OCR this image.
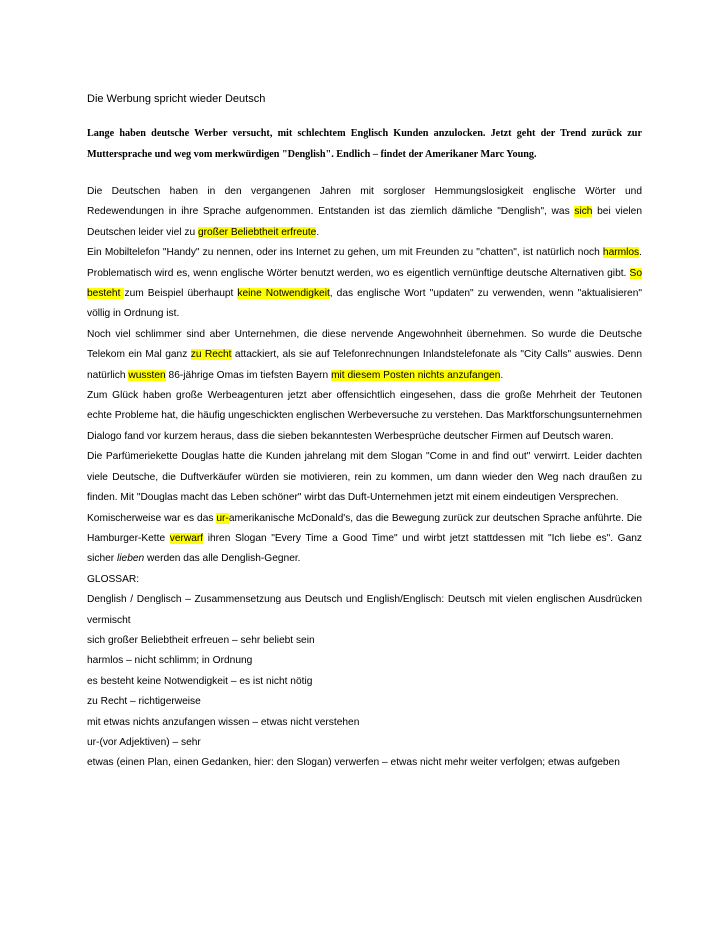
Die Werbung spricht wieder Deutsch
Lange haben deutsche Werber versucht, mit schlechtem Englisch Kunden anzulocken. Jetzt geht der Trend zurück zur Muttersprache und weg vom merkwürdigen "Denglish". Endlich – findet der Amerikaner Marc Young.

Die Deutschen haben in den vergangenen Jahren mit sorgloser Hemmungslosigkeit englische Wörter und Redewendungen in ihre Sprache aufgenommen. Entstanden ist das ziemlich dämliche "Denglish", was sich bei vielen Deutschen leider viel zu großer Beliebtheit erfreute.

Ein Mobiltelefon "Handy" zu nennen, oder ins Internet zu gehen, um mit Freunden zu "chatten", ist natürlich noch harmlos. Problematisch wird es, wenn englische Wörter benutzt werden, wo es eigentlich vernünftige deutsche Alternativen gibt. So besteht zum Beispiel überhaupt keine Notwendigkeit, das englische Wort "updaten" zu verwenden, wenn "aktualisieren" völlig in Ordnung ist.

Noch viel schlimmer sind aber Unternehmen, die diese nervende Angewohnheit übernehmen. So wurde die Deutsche Telekom ein Mal ganz zu Recht attackiert, als sie auf Telefonrechnungen Inlandstelefonate als "City Calls" auswies. Denn natürlich wussten 86-jährige Omas im tiefsten Bayern mit diesem Posten nichts anzufangen.

Zum Glück haben große Werbeagenturen jetzt aber offensichtlich eingesehen, dass die große Mehrheit der Teutonen echte Probleme hat, die häufig ungeschickten englischen Werbeversuche zu verstehen. Das Marktforschungsunternehmen Dialogo fand vor kurzem heraus, dass die sieben bekanntesten Werbesprüche deutscher Firmen auf Deutsch waren.

Die Parfümeriekette Douglas hatte die Kunden jahrelang mit dem Slogan "Come in and find out" verwirrt. Leider dachten viele Deutsche, die Duftverkäufer würden sie motivieren, rein zu kommen, um dann wieder den Weg nach draußen zu finden. Mit "Douglas macht das Leben schöner" wirbt das Duft-Unternehmen jetzt mit einem eindeutigen Versprechen.

Komischerweise war es das ur-amerikanische McDonald's, das die Bewegung zurück zur deutschen Sprache anführte. Die Hamburger-Kette verwarf ihren Slogan "Every Time a Good Time" und wirbt jetzt stattdessen mit "Ich liebe es". Ganz sicher lieben werden das alle Denglish-Gegner.

GLOSSAR:

Denglish / Denglisch – Zusammensetzung aus Deutsch und English/Englisch: Deutsch mit vielen englischen Ausdrücken vermischt

sich großer Beliebtheit erfreuen – sehr beliebt sein

harmlos – nicht schlimm; in Ordnung

es besteht keine Notwendigkeit – es ist nicht nötig

zu Recht – richtigerweise

mit etwas nichts anzufangen wissen – etwas nicht verstehen

ur-(vor Adjektiven) – sehr

etwas (einen Plan, einen Gedanken, hier: den Slogan) verwerfen – etwas nicht mehr weiter verfolgen; etwas aufgeben
